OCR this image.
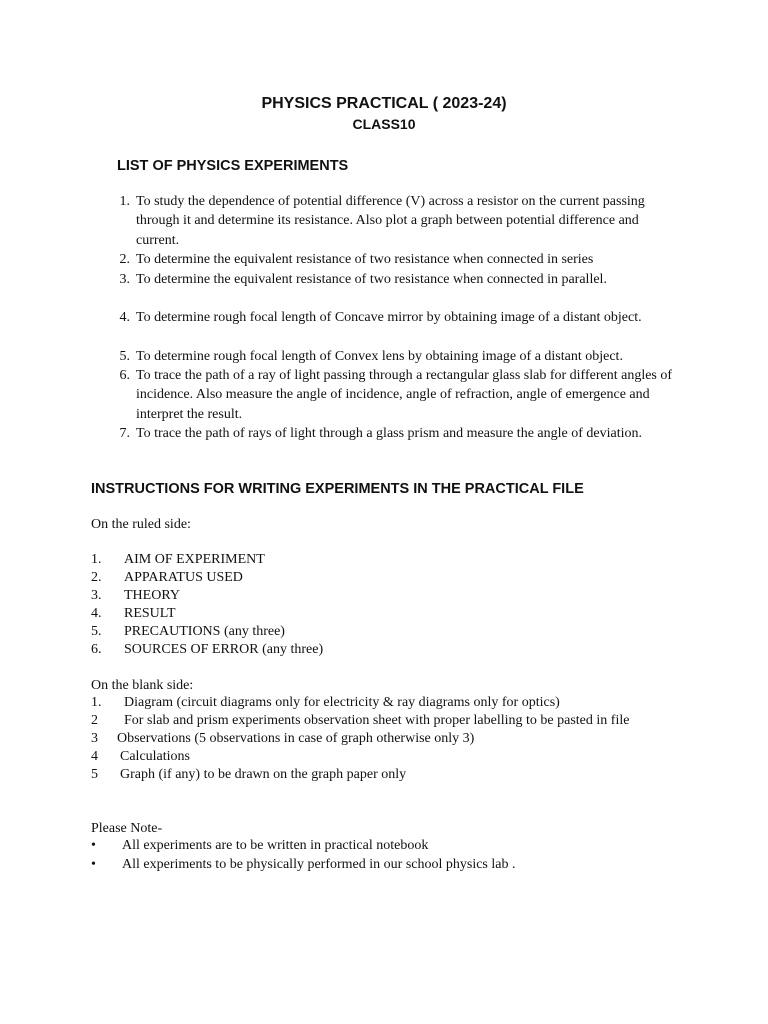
PHYSICS PRACTICAL ( 2023-24)
CLASS10
LIST OF PHYSICS EXPERIMENTS
1. To study the dependence of potential difference (V) across a resistor on the current passing through it and determine its resistance. Also plot a graph between potential difference and current.
2. To determine the equivalent resistance of two resistance when connected in series
3. To determine the equivalent resistance of two resistance when connected in parallel.
4. To determine rough focal length of Concave mirror by obtaining image of a distant object.
5. To determine rough focal length of Convex lens by obtaining image of a distant object.
6. To trace the path of a ray of light passing through a rectangular glass slab for different angles of incidence. Also measure the angle of incidence, angle of refraction, angle of emergence and interpret the result.
7. To trace the path of rays of light through a glass prism and measure the angle of deviation.
INSTRUCTIONS FOR WRITING EXPERIMENTS IN THE PRACTICAL FILE
On the ruled side:
1. AIM OF EXPERIMENT
2. APPARATUS USED
3. THEORY
4. RESULT
5. PRECAUTIONS (any three)
6. SOURCES OF ERROR (any three)
On the blank side:
1. Diagram (circuit diagrams only for electricity & ray diagrams only for optics)
2 For slab and prism experiments observation sheet with proper labelling to be pasted in file
3 Observations (5 observations in case of graph otherwise only 3)
4 Calculations
5 Graph (if any) to be drawn on the graph paper only
Please Note-
• All experiments are to be written in practical notebook
• All experiments to be physically performed in our school physics lab .
